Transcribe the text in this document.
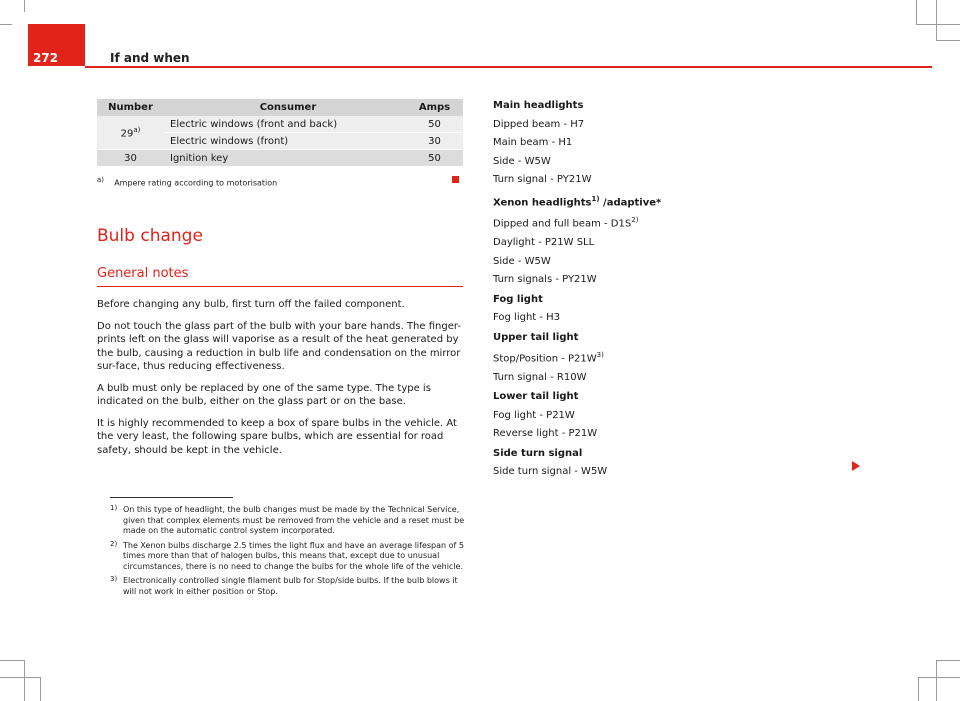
272	If and when
Number	Consumer	Amps
29$^{a)}$	Electric windows (front and back)	50
	Electric windows (front)	30
30	Ignition key	50
$^{a)}$ Ampere rating according to motorisation
Bulb change
General notes

Before changing any bulb, first turn off the failed component.

Do not touch the glass part of the bulb with your bare hands. The finger-prints left on the glass will vaporise as a result of the heat generated by the bulb, causing a reduction in bulb life and condensation on the mirror sur-face, thus reducing effectiveness.

A bulb must only be replaced by one of the same type. The type is indicated on the bulb, either on the glass part or on the base.

It is highly recommended to keep a box of spare bulbs in the vehicle. At the very least, the following spare bulbs, which are essential for road safety, should be kept in the vehicle.

Main headlights
Dipped beam - H7
Main beam - H1
Side - W5W
Turn signal - PY21W
Xenon headlights$^{1)}$ /adaptive*
Dipped and full beam - $D1S^{2)}$
Daylight - P21W SLL
Side - W5W
Turn signals - PY21W
Fog light
Fog light - H3
Upper tail light
Stop/Position - $P21W^{3)}$
Turn signal - R10W
Lower tail light
Fog light - P21W
Reverse light - P21W
Side turn signal
Side turn signal - W5W
1) On this type of headlight, the bulb changes must be made by the Technical Service, given that complex elements must be removed from the vehicle and a reset must be made on the automatic control system incorporated.
2) The Xenon bulbs discharge 2.5 times the light flux and have an average lifespan of 5 times more than that of halogen bulbs, this means that, except due to unusual circumstances, there is no need to change the bulbs for the whole life of the vehicle.
3) Electronically controlled single filament bulb for Stop/side bulbs. If the bulb blows it will not work in either position or Stop.
